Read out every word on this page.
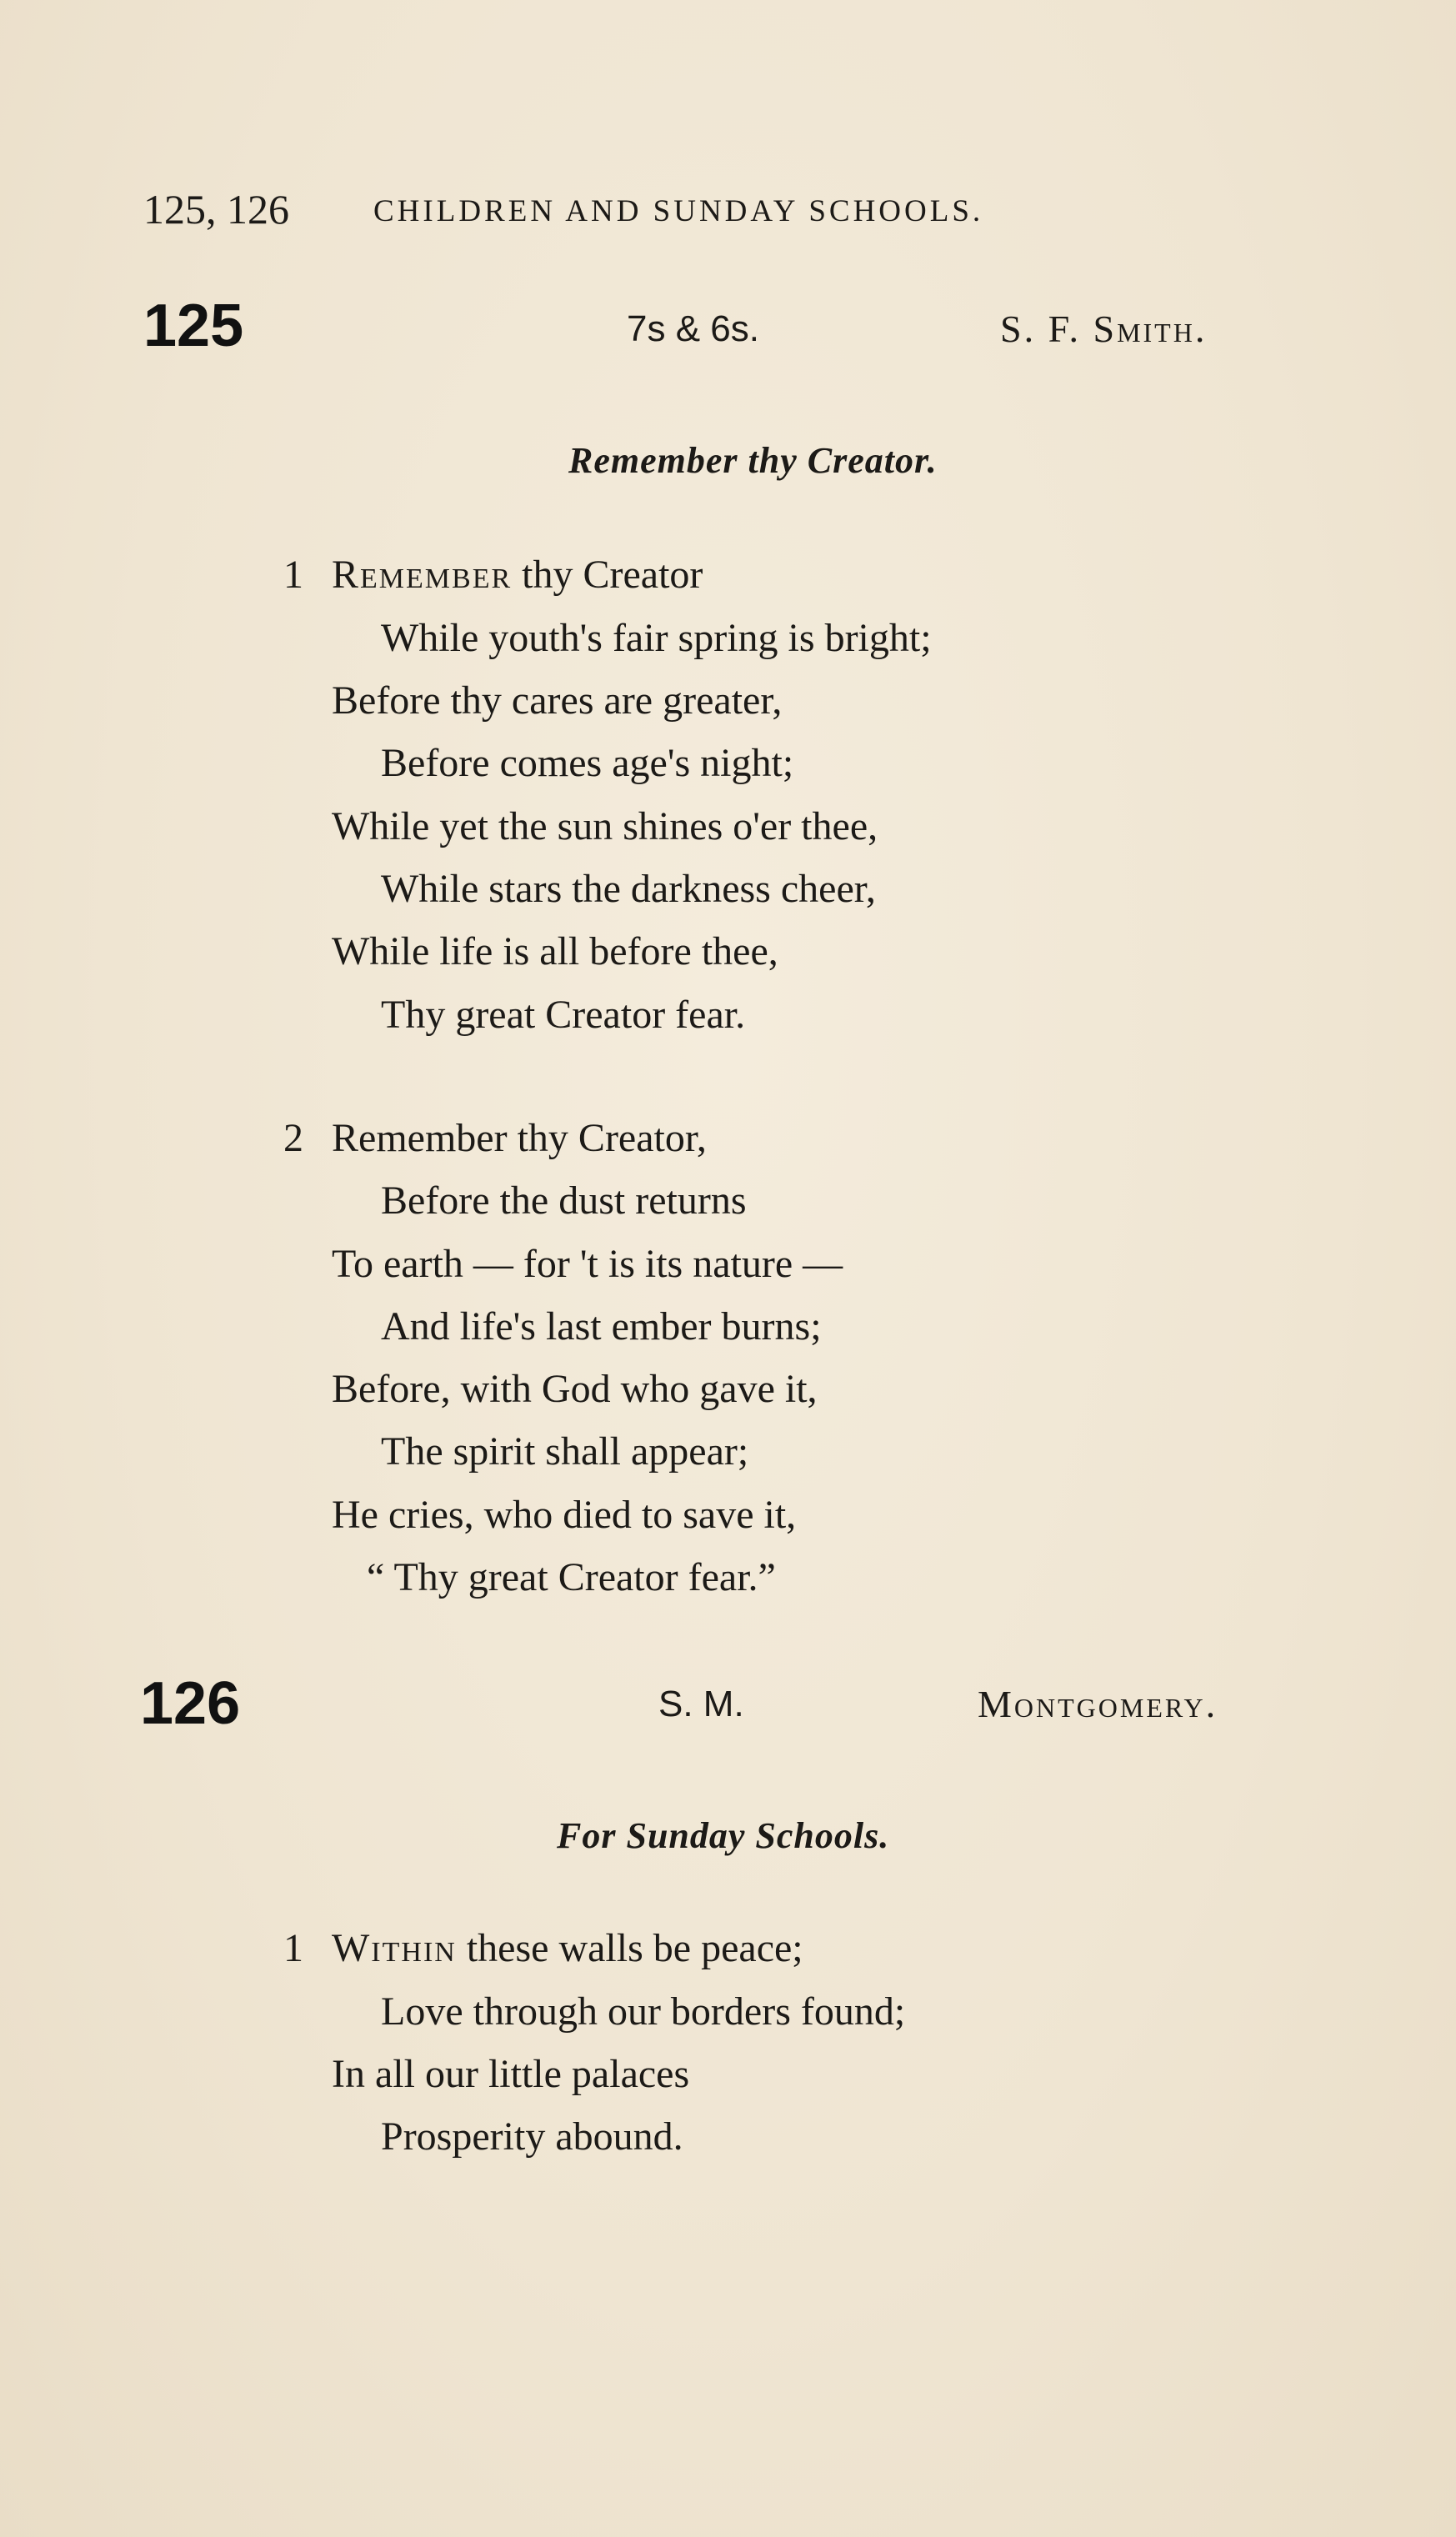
125, 126	CHILDREN AND SUNDAY SCHOOLS.
125	7s & 6s.	S. F. Smith.
Remember thy Creator.
1 Remember thy Creator
While youth's fair spring is bright;
Before thy cares are greater,
Before comes age's night;
While yet the sun shines o'er thee,
While stars the darkness cheer,
While life is all before thee,
Thy great Creator fear.
2 Remember thy Creator,
Before the dust returns
To earth — for 't is its nature —
And life's last ember burns;
Before, with God who gave it,
The spirit shall appear;
He cries, who died to save it,
“ Thy great Creator fear.”
126	S. M.	Montgomery.
For Sunday Schools.
1 Within these walls be peace;
Love through our borders found;
In all our little palaces
Prosperity abound.
